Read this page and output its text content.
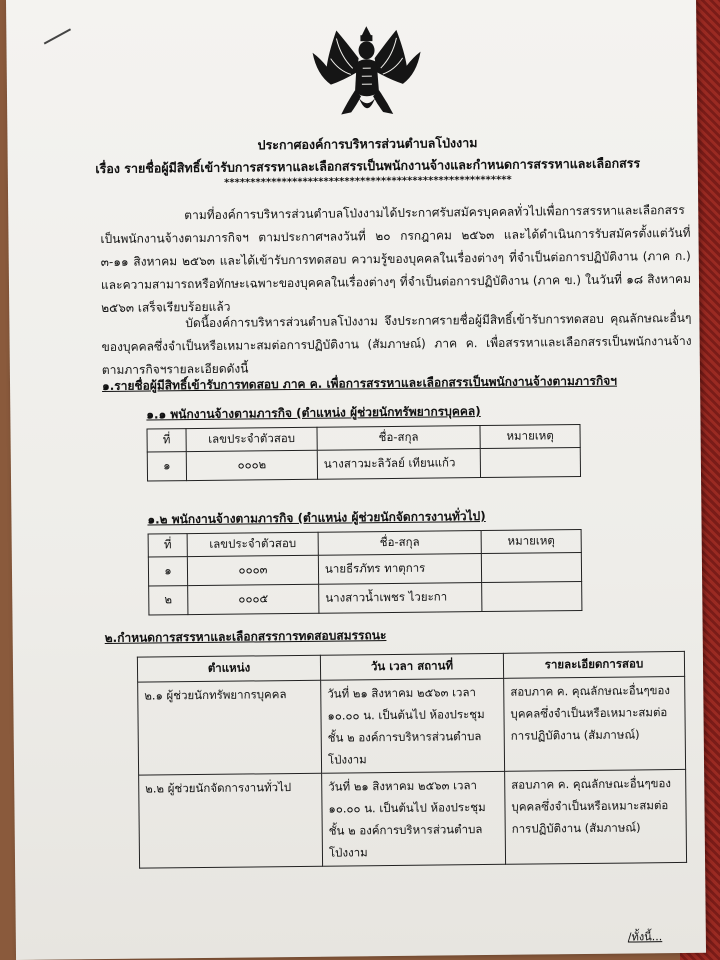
ประกาศองค์การบริหารส่วนตำบลโป่งงาม
เรื่อง รายชื่อผู้มีสิทธิ์เข้ารับการสรรหาและเลือกสรรเป็นพนักงานจ้างและกำหนดการสรรหาและเลือกสรร
*******************************************************
ตามที่องค์การบริหารส่วนตำบลโป่งงามได้ประกาศรับสมัครบุคคลทั่วไปเพื่อการสรรหาและเลือกสรรเป็นพนักงานจ้างตามภารกิจฯ ตามประกาศฯลงวันที่ ๒๐ กรกฎาคม ๒๕๖๓ และได้ดำเนินการรับสมัครตั้งแต่วันที่ ๓-๑๑ สิงหาคม ๒๕๖๓ และได้เข้ารับการทดสอบ ความรู้ของบุคคลในเรื่องต่างๆ ที่จำเป็นต่อการปฏิบัติงาน (ภาค ก.) และความสามารถหรือทักษะเฉพาะของบุคคลในเรื่องต่างๆ ที่จำเป็นต่อการปฏิบัติงาน (ภาค ข.) ในวันที่ ๑๘ สิงหาคม ๒๕๖๓ เสร็จเรียบร้อยแล้ว
บัดนี้องค์การบริหารส่วนตำบลโป่งงาม จึงประกาศรายชื่อผู้มีสิทธิ์เข้ารับการทดสอบ คุณลักษณะอื่นๆของบุคคลซึ่งจำเป็นหรือเหมาะสมต่อการปฏิบัติงาน (สัมภาษณ์) ภาค ค. เพื่อสรรหาและเลือกสรรเป็นพนักงานจ้างตามภารกิจฯรายละเอียดดังนี้
๑.รายชื่อผู้มีสิทธิ์เข้ารับการทดสอบ ภาค ค. เพื่อการสรรหาและเลือกสรรเป็นพนักงานจ้างตามภารกิจฯ
๑.๑ พนักงานจ้างตามภารกิจ (ตำแหน่ง ผู้ช่วยนักทรัพยากรบุคคล)
ที่	เลขประจำตัวสอบ	ชื่อ-สกุล	หมายเหตุ
๑	๐๐๐๒	นางสาวมะลิวัลย์ เทียนแก้ว	
๑.๒ พนักงานจ้างตามภารกิจ (ตำแหน่ง ผู้ช่วยนักจัดการงานทั่วไป)
ที่	เลขประจำตัวสอบ	ชื่อ-สกุล	หมายเหตุ
๑	๐๐๐๓	นายธีรภัทร ทาตุการ	
๒	๐๐๐๕	นางสาวน้ำเพชร ไวยะกา	
๒.กำหนดการสรรหาและเลือกสรรการทดสอบสมรรถนะ
ตำแหน่ง	วัน เวลา สถานที่	รายละเอียดการสอบ
๒.๑ ผู้ช่วยนักทรัพยากรบุคคล	วันที่ ๒๑ สิงหาคม ๒๕๖๓ เวลา ๑๐.๐๐ น. เป็นต้นไป ห้องประชุม ชั้น ๒ องค์การบริหารส่วนตำบลโป่งงาม	สอบภาค ค. คุณลักษณะอื่นๆของบุคคลซึ่งจำเป็นหรือเหมาะสมต่อการปฏิบัติงาน (สัมภาษณ์)
๒.๒ ผู้ช่วยนักจัดการงานทั่วไป	วันที่ ๒๑ สิงหาคม ๒๕๖๓ เวลา ๑๐.๐๐ น. เป็นต้นไป ห้องประชุม ชั้น ๒ องค์การบริหารส่วนตำบลโป่งงาม	สอบภาค ค. คุณลักษณะอื่นๆของบุคคลซึ่งจำเป็นหรือเหมาะสมต่อการปฏิบัติงาน (สัมภาษณ์)
/ทั้งนี้...
